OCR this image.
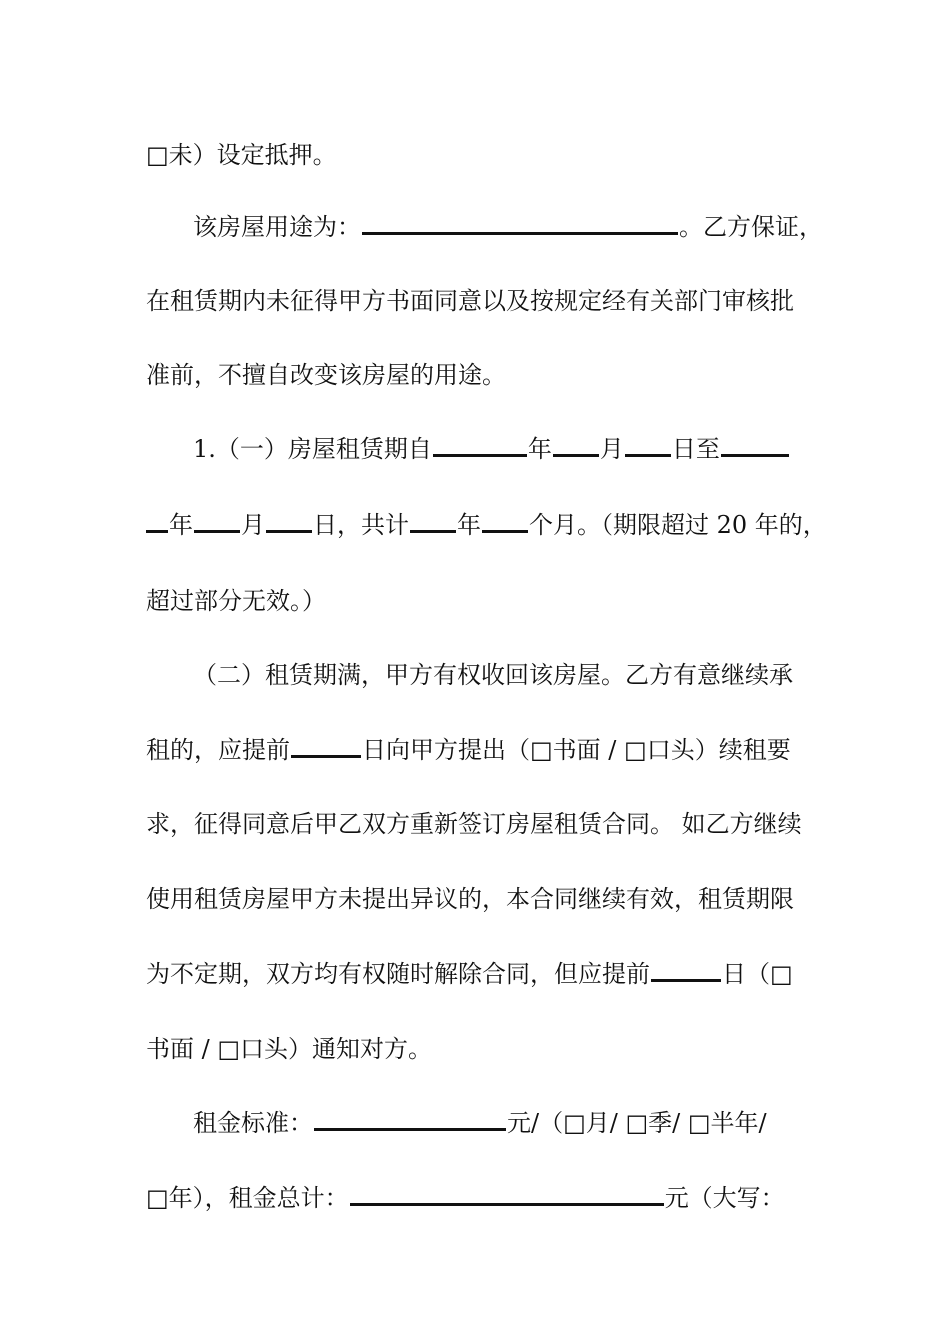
□未）设定抵押。
该房屋用途为：	。乙方保证，
在租赁期内未征得甲方书面同意以及按规定经有关部门审核批
准前，不擅自改变该房屋的用途。
1.（一）房屋租赁期自	年 月 日至
年 月 日，共计 年 个月。（期限超过 20 年的，
超过部分无效。）
（二）租赁期满，甲方有权收回该房屋。乙方有意继续承
租的，应提前	日向甲方提出（□书面 / □口头）续租要
求，征得同意后甲乙双方重新签订房屋租赁合同。 如乙方继续
使用租赁房屋甲方未提出异议的，本合同继续有效，租赁期限
为不定期，双方均有权随时解除合同，但应提前	日（□
书面 / □口头）通知对方。
租金标准：	元/（□月/ □季/ □半年/
□年），租金总计：	元（大写：
